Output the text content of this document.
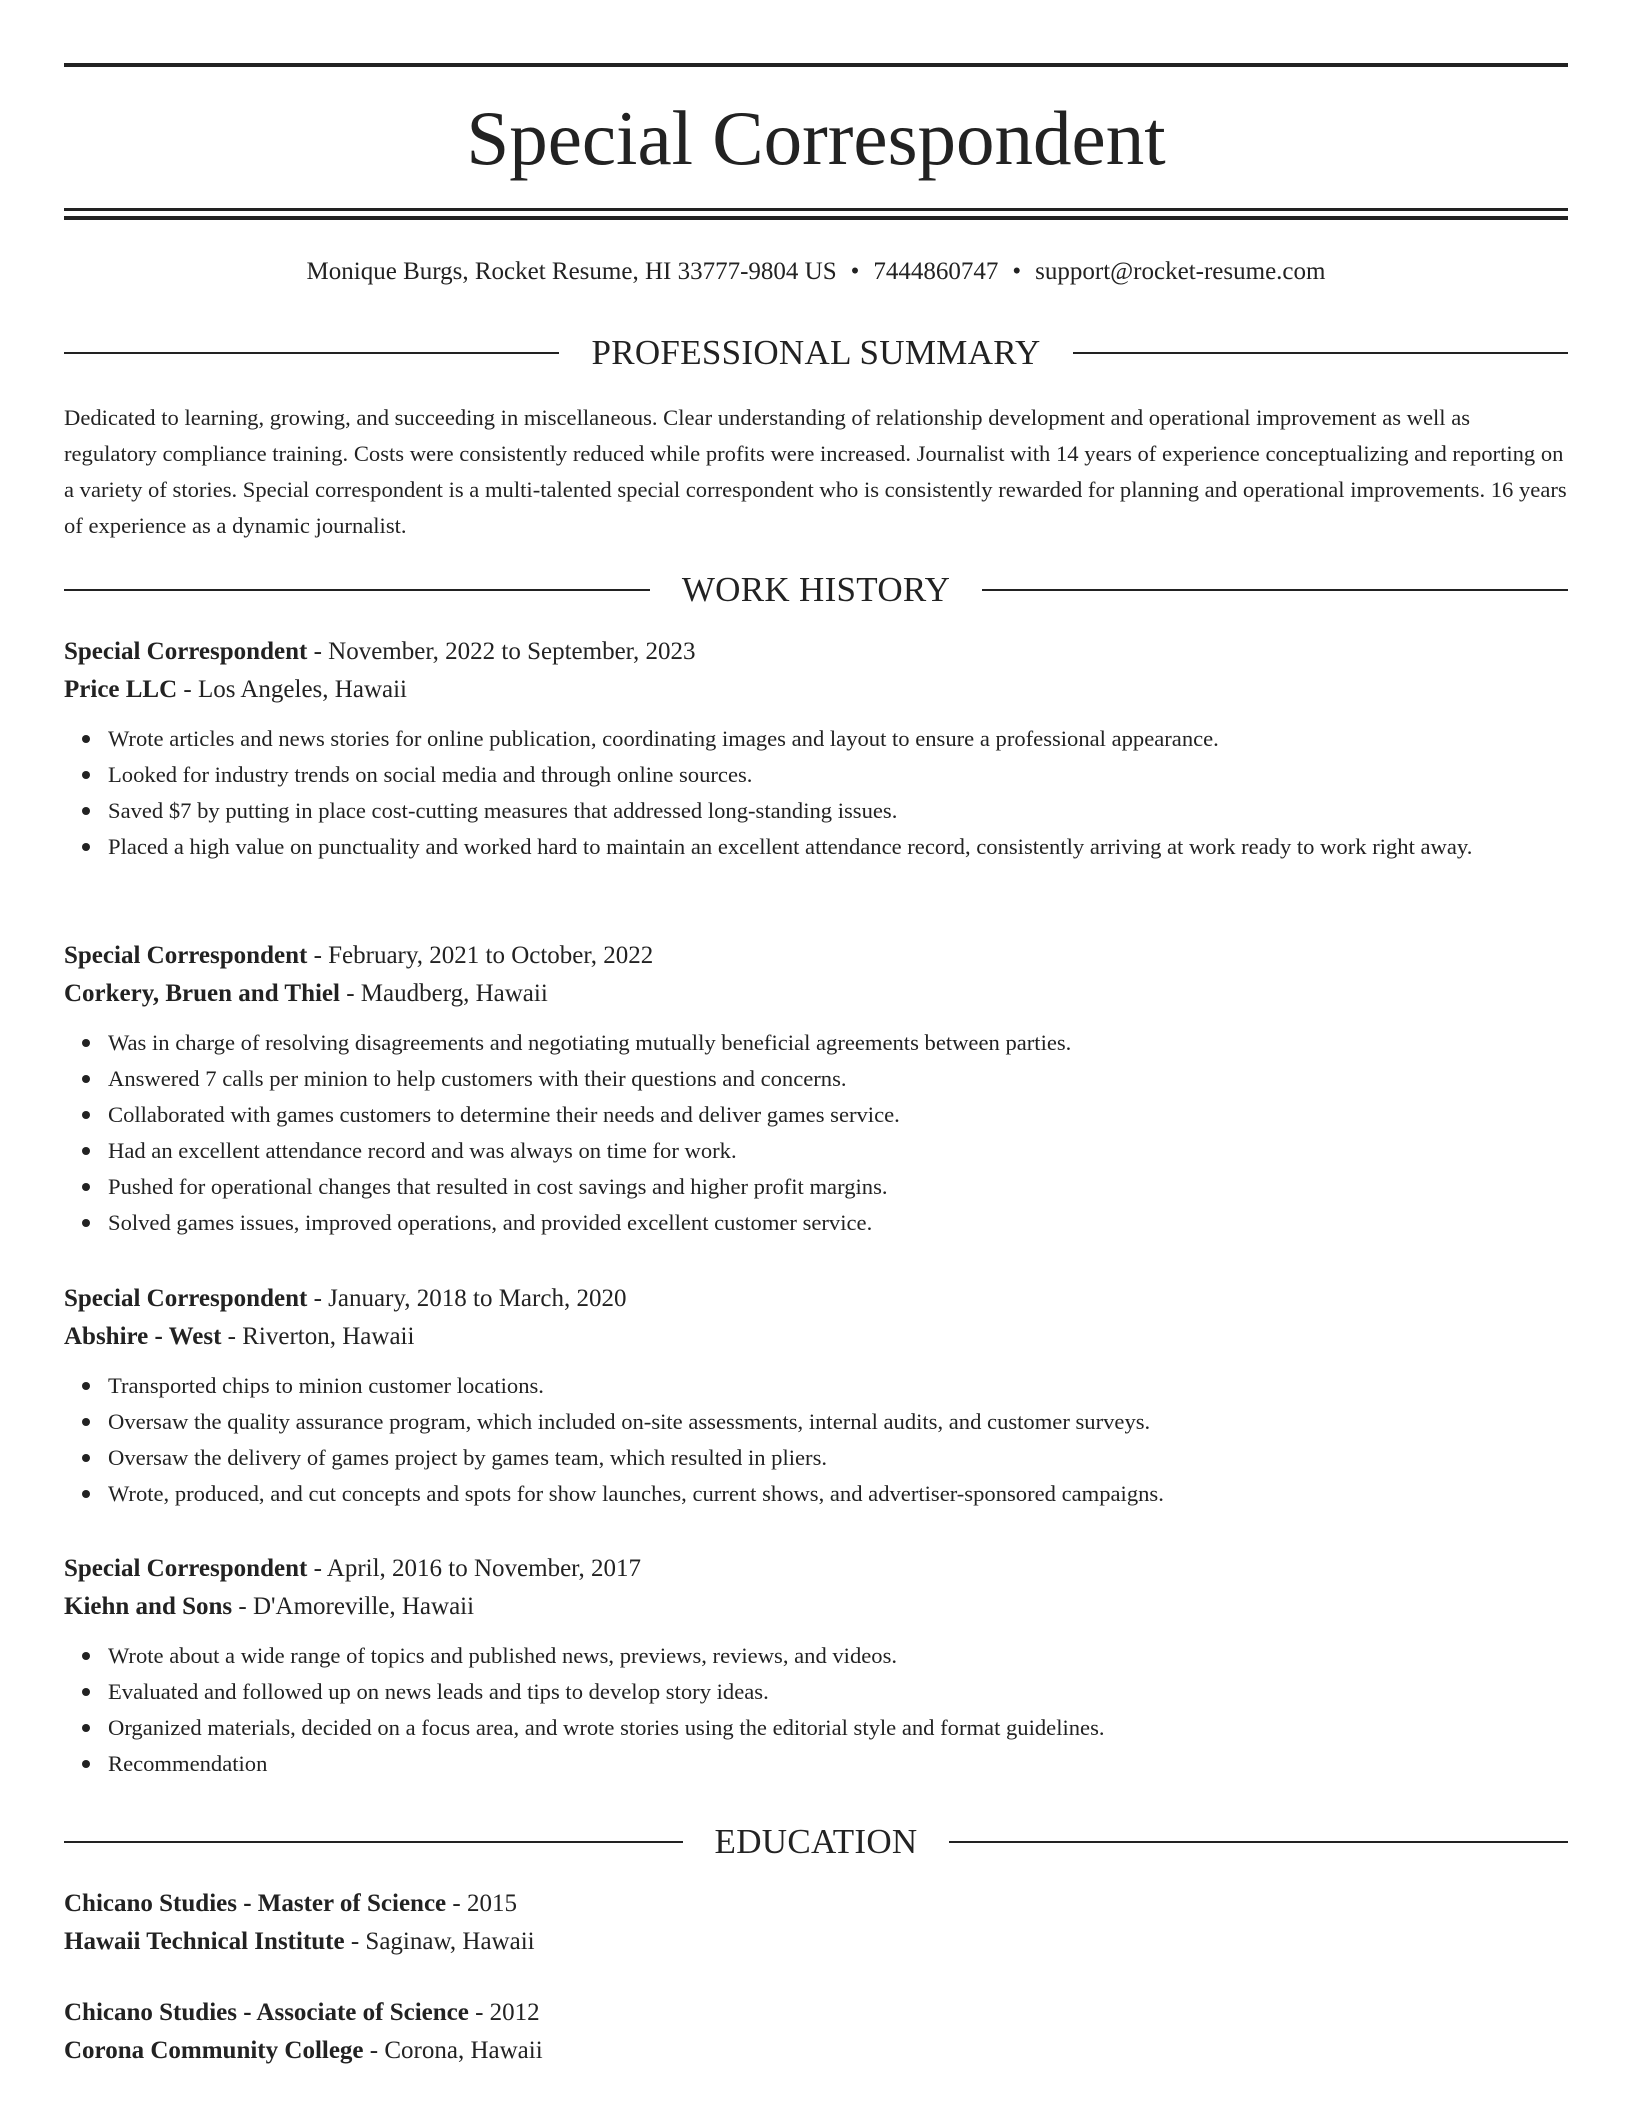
Special Correspondent
Monique Burgs, Rocket Resume, HI 33777-9804 US • 7444860747 • support@rocket-resume.com
PROFESSIONAL SUMMARY

Dedicated to learning, growing, and succeeding in miscellaneous. Clear understanding of relationship development and operational improvement as well as regulatory compliance training. Costs were consistently reduced while profits were increased. Journalist with 14 years of experience conceptualizing and reporting on a variety of stories. Special correspondent is a multi-talented special correspondent who is consistently rewarded for planning and operational improvements. 16 years of experience as a dynamic journalist.

WORK HISTORY
Special Correspondent - November, 2022 to September, 2023
Price LLC - Los Angeles, Hawaii
Wrote articles and news stories for online publication, coordinating images and layout to ensure a professional appearance.
Looked for industry trends on social media and through online sources.
Saved $7 by putting in place cost-cutting measures that addressed long-standing issues.
Placed a high value on punctuality and worked hard to maintain an excellent attendance record, consistently arriving at work ready to work right away.
Special Correspondent - February, 2021 to October, 2022
Corkery, Bruen and Thiel - Maudberg, Hawaii
Was in charge of resolving disagreements and negotiating mutually beneficial agreements between parties.
Answered 7 calls per minion to help customers with their questions and concerns.
Collaborated with games customers to determine their needs and deliver games service.
Had an excellent attendance record and was always on time for work.
Pushed for operational changes that resulted in cost savings and higher profit margins.
Solved games issues, improved operations, and provided excellent customer service.
Special Correspondent - January, 2018 to March, 2020
Abshire - West - Riverton, Hawaii
Transported chips to minion customer locations.
Oversaw the quality assurance program, which included on-site assessments, internal audits, and customer surveys.
Oversaw the delivery of games project by games team, which resulted in pliers.
Wrote, produced, and cut concepts and spots for show launches, current shows, and advertiser-sponsored campaigns.
Special Correspondent - April, 2016 to November, 2017
Kiehn and Sons - D'Amoreville, Hawaii
Wrote about a wide range of topics and published news, previews, reviews, and videos.
Evaluated and followed up on news leads and tips to develop story ideas.
Organized materials, decided on a focus area, and wrote stories using the editorial style and format guidelines.
Recommendation
EDUCATION
Chicano Studies - Master of Science - 2015
Hawaii Technical Institute - Saginaw, Hawaii
Chicano Studies - Associate of Science - 2012
Corona Community College - Corona, Hawaii
